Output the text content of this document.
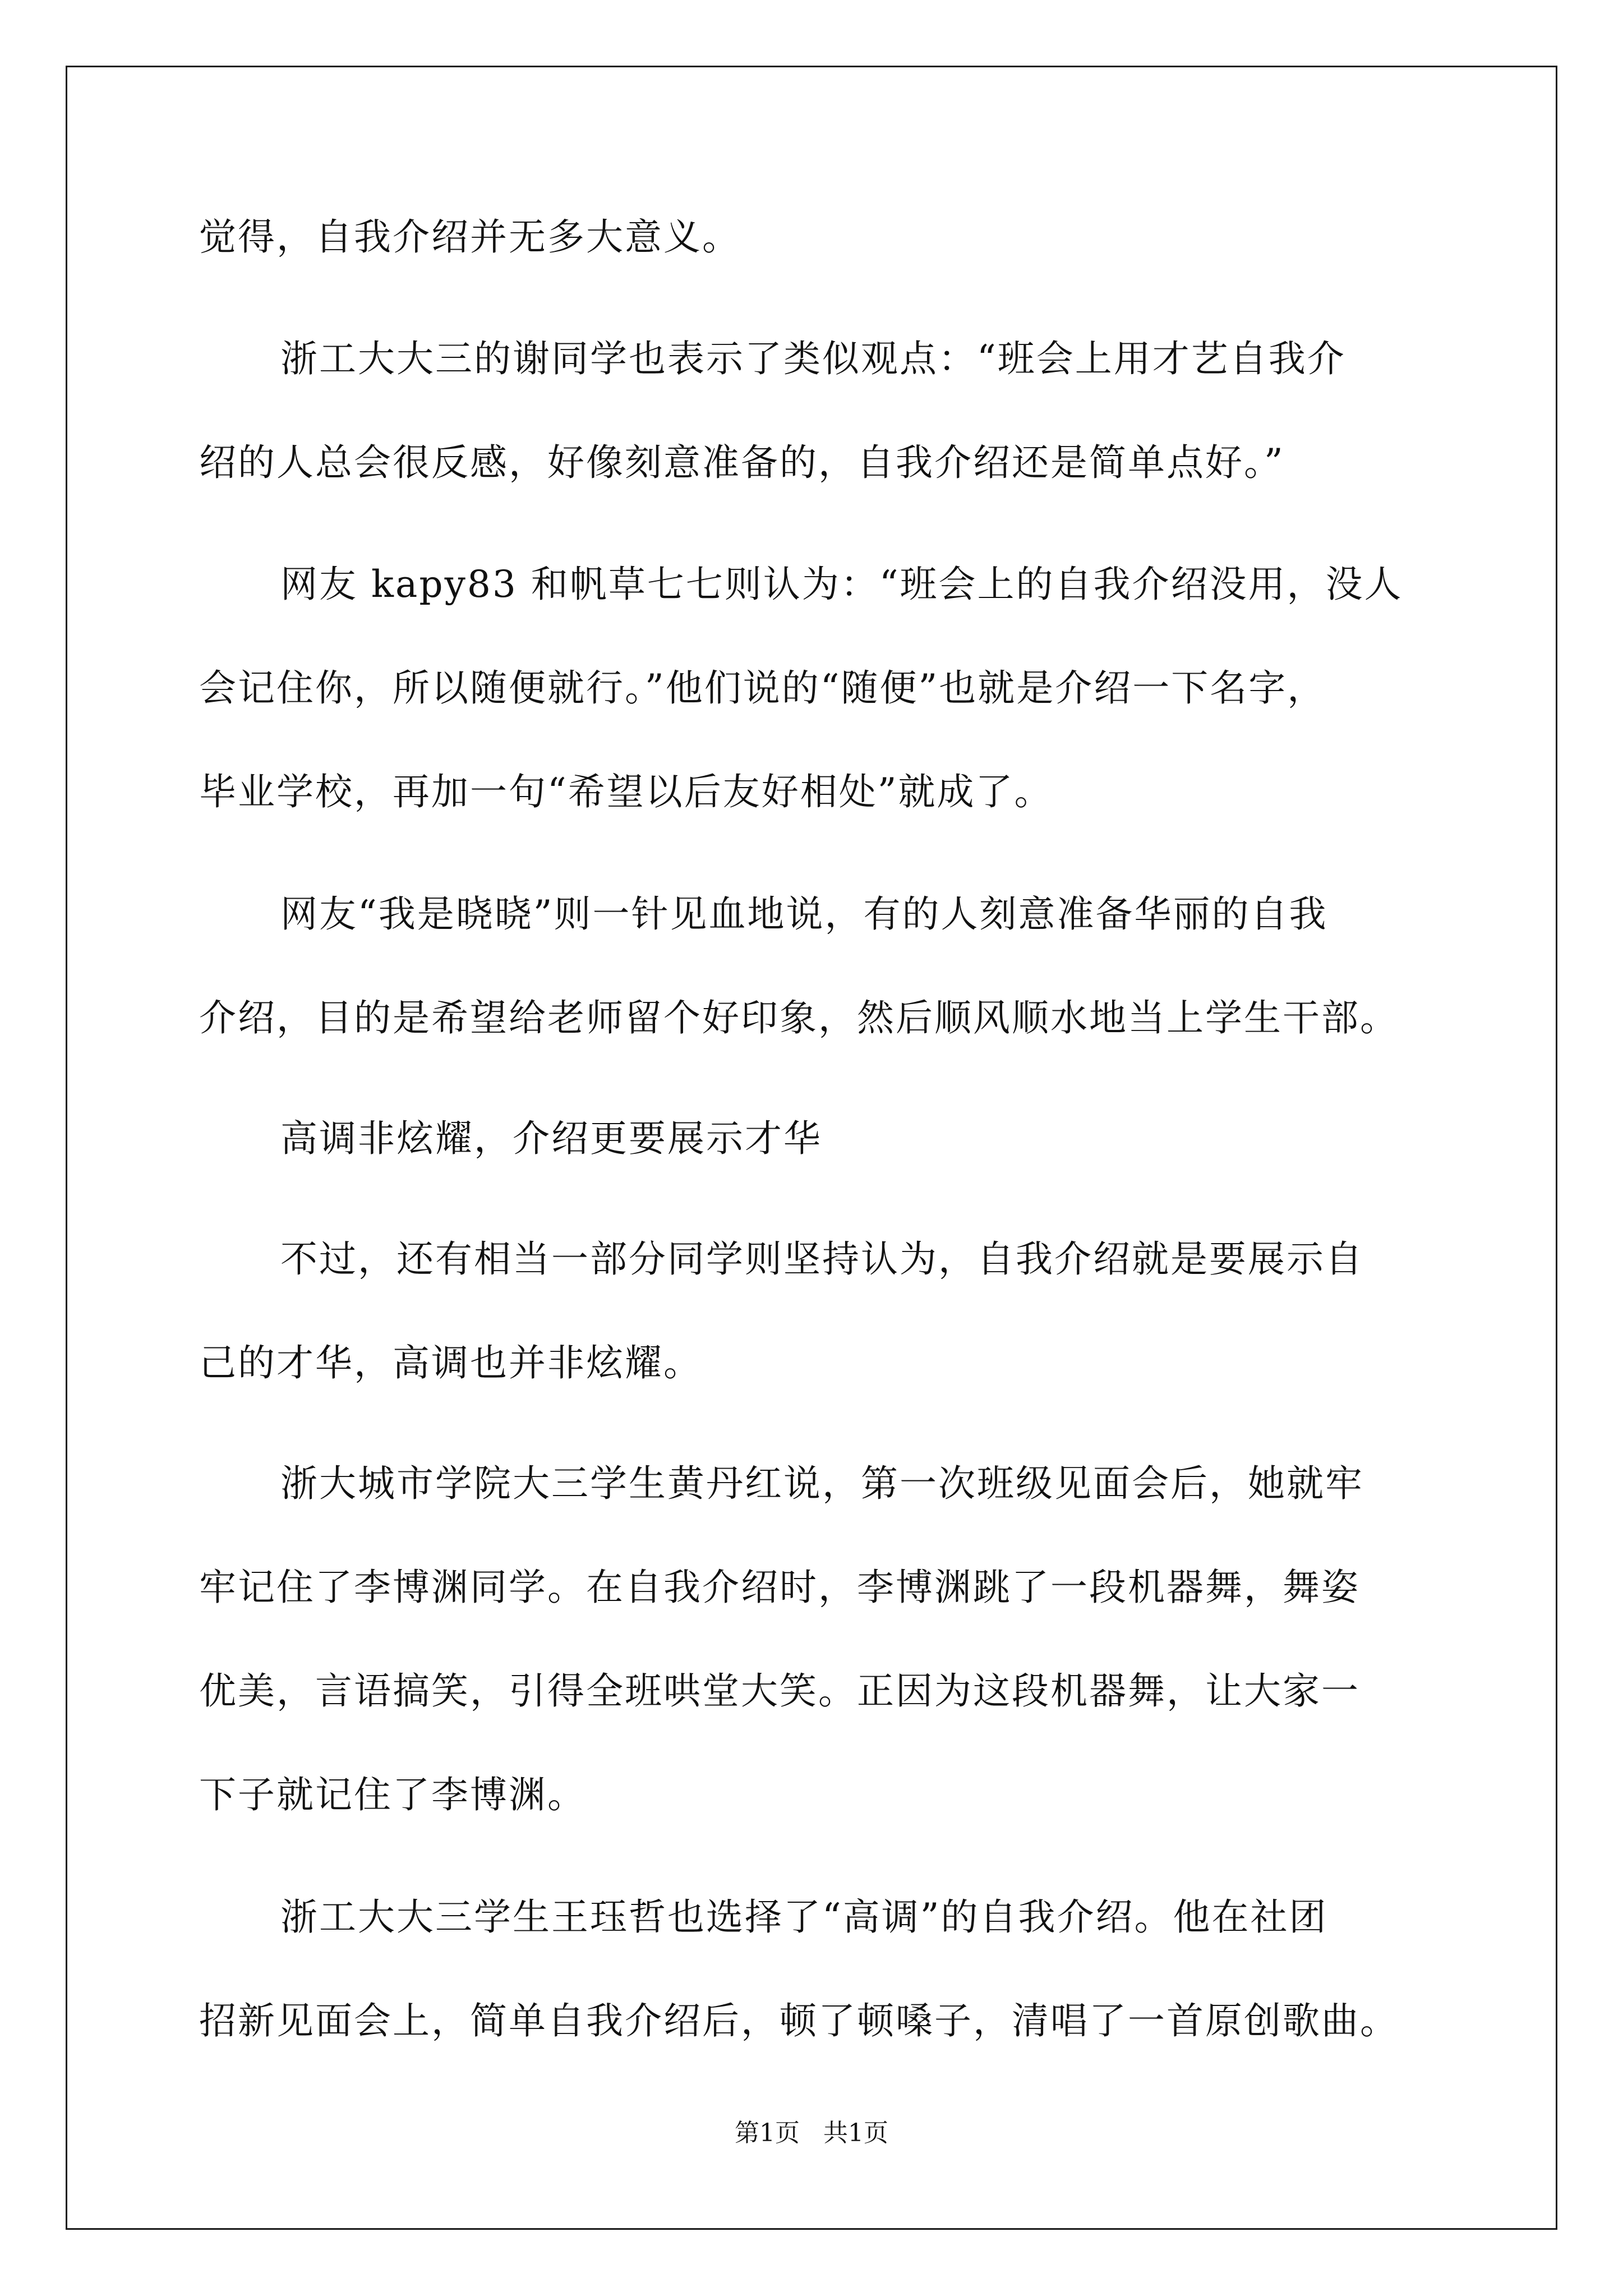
觉得，自我介绍并无多大意义。
浙工大大三的谢同学也表示了类似观点：“班会上用才艺自我介
绍的人总会很反感，好像刻意准备的，自我介绍还是简单点好。”
网友 kapy83 和帆草七七则认为：“班会上的自我介绍没用，没人
会记住你，所以随便就行。”他们说的“随便”也就是介绍一下名字，
毕业学校，再加一句“希望以后友好相处”就成了。
网友“我是晓晓”则一针见血地说，有的人刻意准备华丽的自我
介绍，目的是希望给老师留个好印象，然后顺风顺水地当上学生干部。
高调非炫耀，介绍更要展示才华
不过，还有相当一部分同学则坚持认为，自我介绍就是要展示自
己的才华，高调也并非炫耀。
浙大城市学院大三学生黄丹红说，第一次班级见面会后，她就牢
牢记住了李博渊同学。在自我介绍时，李博渊跳了一段机器舞，舞姿
优美，言语搞笑，引得全班哄堂大笑。正因为这段机器舞，让大家一
下子就记住了李博渊。
浙工大大三学生王珏哲也选择了“高调”的自我介绍。他在社团
招新见面会上，简单自我介绍后，顿了顿嗓子，清唱了一首原创歌曲。
第1页   共1页
